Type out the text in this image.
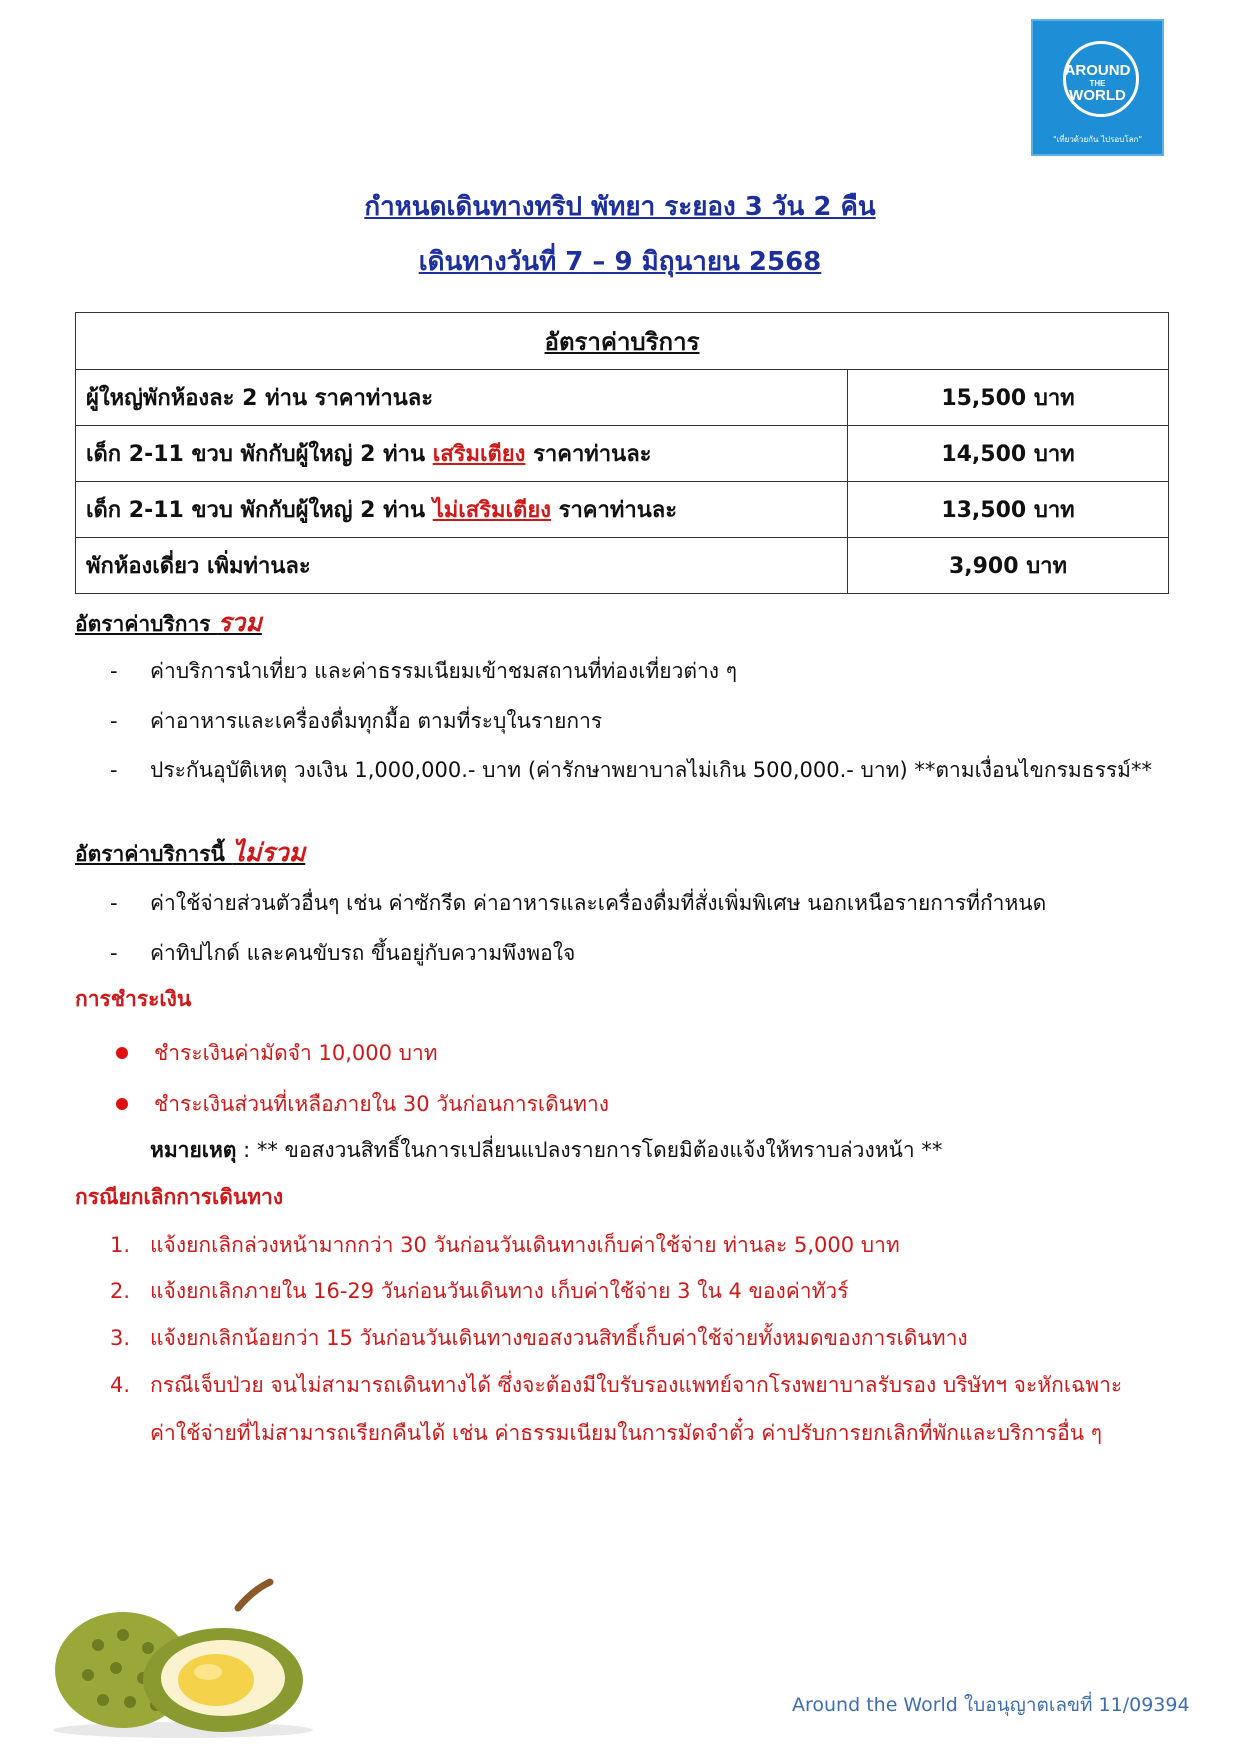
AROUND
THE
WORLD
"เที่ยวด้วยกัน ไปรอบโลก"
กำหนดเดินทางทริป พัทยา ระยอง 3 วัน 2 คืน
เดินทางวันที่ 7 – 9 มิถุนายน 2568
อัตราค่าบริการ	
ผู้ใหญ่พักห้องละ 2 ท่าน ราคาท่านละ	15,500 บาท
เด็ก 2-11 ขวบ พักกับผู้ใหญ่ 2 ท่าน เสริมเตียง ราคาท่านละ	14,500 บาท
เด็ก 2-11 ขวบ พักกับผู้ใหญ่ 2 ท่าน ไม่เสริมเตียง ราคาท่านละ	13,500 บาท
พักห้องเดี่ยว เพิ่มท่านละ	3,900 บาท
อัตราค่าบริการ รวม
- ค่าบริการนำเที่ยว และค่าธรรมเนียมเข้าชมสถานที่ท่องเที่ยวต่าง ๆ
- ค่าอาหารและเครื่องดื่มทุกมื้อ ตามที่ระบุในรายการ
- ประกันอุบัติเหตุ วงเงิน 1,000,000.- บาท (ค่ารักษาพยาบาลไม่เกิน 500,000.- บาท) **ตามเงื่อนไขกรมธรรม์**
อัตราค่าบริการนี้ ไม่รวม
- ค่าใช้จ่ายส่วนตัวอื่นๆ เช่น ค่าซักรีด ค่าอาหารและเครื่องดื่มที่สั่งเพิ่มพิเศษ นอกเหนือรายการที่กำหนด
- ค่าทิปไกด์ และคนขับรถ ขึ้นอยู่กับความพึงพอใจ
การชำระเงิน
ชำระเงินค่ามัดจำ 10,000 บาท
ชำระเงินส่วนที่เหลือภายใน 30 วันก่อนการเดินทาง
หมายเหตุ : ** ขอสงวนสิทธิ์ในการเปลี่ยนแปลงรายการโดยมิต้องแจ้งให้ทราบล่วงหน้า **
กรณียกเลิกการเดินทาง
1. แจ้งยกเลิกล่วงหน้ามากกว่า 30 วันก่อนวันเดินทางเก็บค่าใช้จ่าย ท่านละ 5,000 บาท
2. แจ้งยกเลิกภายใน 16-29 วันก่อนวันเดินทาง เก็บค่าใช้จ่าย 3 ใน 4 ของค่าทัวร์
3. แจ้งยกเลิกน้อยกว่า 15 วันก่อนวันเดินทางขอสงวนสิทธิ์เก็บค่าใช้จ่ายทั้งหมดของการเดินทาง
4. กรณีเจ็บป่วย จนไม่สามารถเดินทางได้ ซึ่งจะต้องมีใบรับรองแพทย์จากโรงพยาบาลรับรอง บริษัทฯ จะหักเฉพาะ
ค่าใช้จ่ายที่ไม่สามารถเรียกคืนได้ เช่น ค่าธรรมเนียมในการมัดจำตั๋ว ค่าปรับการยกเลิกที่พักและบริการอื่น ๆ
Around the World ใบอนุญาตเลขที่ 11/09394
